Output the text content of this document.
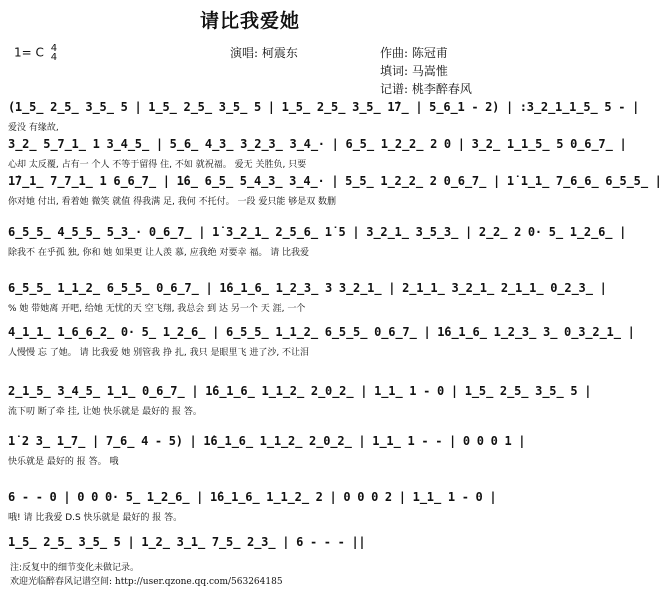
请比我爱她
1= C 4
4	演唱: 柯震东	作曲: 陈冠甫
填词: 马嵩惟
记谱: 桃李醉春风
(1̲5̲ 2̲5̲ 3̲5̲ 5 | 1̲5̲ 2̲5̲ 3̲5̲ 5 | 1̲5̲ 2̲5̲ 3̲5̲ 1̇7̲ | 5̲6̲1 - 2) | :3̲2̲1̲1̲5̲ 5 - |
爱没 有缘故,
3̲2̲ 5̲7̲1̲ 1 3̲4̲5̲ | 5̲6̲ 4̲3̲ 3̲2̲3̲ 3̲4̲· | 6̲5̲ 1̲2̲2̲ 2 0 | 3̲2̲ 1̲1̲5̲ 5 0̲6̲7̲ |
心却 太反覆, 占有一 个人 不等于留得 住, 不如 就祝福。 爱无 关胜负, 只要
1̇7̲1̲ 7̲7̲1̲ 1 6̲6̲7̲ | 1̇6̲ 6̲5̲ 5̲4̲3̲ 3̲4̲· | 5̲5̲ 1̲2̲2̲ 2 0̲6̲7̲ | 1̇ 1̲1̲ 7̲6̲6̲ 6̲5̲5̲ |
你对她 付出, 看着她 微笑 就值 得我满 足, 我何 不托付。 一段 爱只能 够是双 数删
6̲5̲5̲ 4̲5̲5̲ 5̲3̲· 0̲6̲7̲ | 1̇ 3̲2̲1̲ 2̲5̲6̲ 1̇ 5 | 3̲2̲1̲ 3̲5̲3̲ | 2̲2̲ 2 0· 5̲ 1̲2̲6̲ |
除我不 在乎孤 独, 你和 她 如果更 让人羡 慕, 应我绝 对要幸 福。 请 比我爱
6̲5̲5̲ 1̲1̲2̲ 6̲5̲5̲ 0̲6̲7̲ | 1̇6̲1̲6̲ 1̲2̲3̲ 3 3̲2̲1̲ | 2̲1̲1̲ 3̲2̲1̲ 2̲1̲1̲ 0̲2̲3̲ |
% 她 带她离 开吧, 给她 无忧的天 空飞翔, 我总会 到 达 另一个 天 涯, 一个
4̲1̲1̲ 1̲6̲6̲2̲ 0· 5̲ 1̲2̲6̲ | 6̲5̲5̲ 1̲1̲2̲ 6̲5̲5̲ 0̲6̲7̲ | 1̇6̲1̲6̲ 1̲2̲3̲ 3̲ 0̲3̲2̲1̲ |
人慢慢 忘 了她。 请 比我爱 她 别管我 挣 扎, 我只 是眼里飞 进了沙, 不让泪
2̲1̲5̲ 3̲4̲5̲ 1̲1̲ 0̲6̲7̲ | 1̇6̲1̲6̲ 1̲1̲2̲ 2̲0̲2̲ | 1̲1̲ 1 - 0 | 1̲5̲ 2̲5̲ 3̲5̲ 5 |
流下叨 断了牵 挂, 让她 快乐就是 最好的 报 答。
1̇ 2 3̲ 1̲7̲ | 7̲6̲ 4 - 5) | 1̇6̲1̲6̲ 1̲1̲2̲ 2̲0̲2̲ | 1̲1̲ 1 - - | 0 0 0 1 |
快乐就是 最好的 报 答。 哦
6 - - 0 | 0 0 0· 5̲ 1̲2̲6̲ | 1̇6̲1̲6̲ 1̲1̲2̲ 2 | 0 0 0 2 | 1̲1̲ 1 - 0 |
哦! 请 比我爱 D.S 快乐就是 最好的 报 答。
1̲5̲ 2̲5̲ 3̲5̲ 5 | 1̲2̲ 3̲1̲ 7̲5̲ 2̲3̲ | 6 - - - ||
注:反复中的细节变化未做记录。
欢迎光临醉春风记谱空间: http://user.qzone.qq.com/563264185
